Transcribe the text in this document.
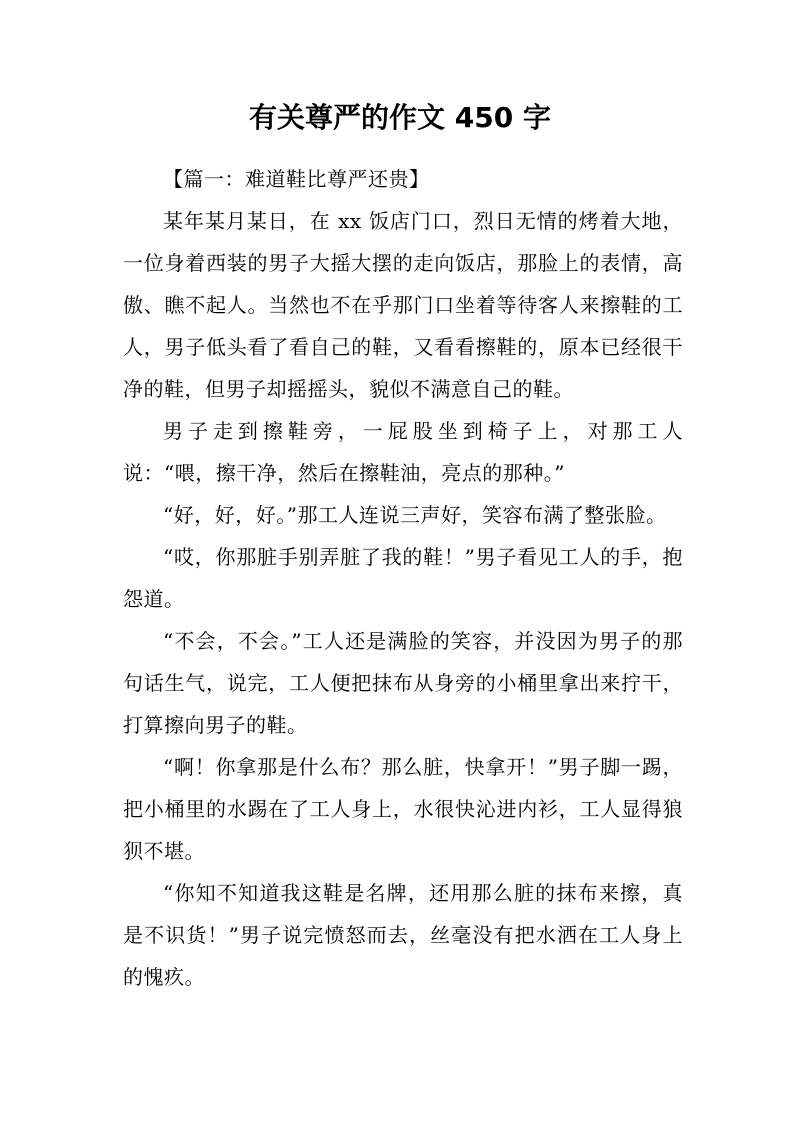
有关尊严的作文 450 字

【篇一：难道鞋比尊严还贵】

某年某月某日，在 xx 饭店门口，烈日无情的烤着大地，一位身着西装的男子大摇大摆的走向饭店，那脸上的表情，高傲、瞧不起人。当然也不在乎那门口坐着等待客人来擦鞋的工人，男子低头看了看自己的鞋，又看看擦鞋的，原本已经很干净的鞋，但男子却摇摇头，貌似不满意自己的鞋。

男子走到擦鞋旁，一屁股坐到椅子上，对那工人说：“喂，擦干净，然后在擦鞋油，亮点的那种。”

“好，好，好。”那工人连说三声好，笑容布满了整张脸。

“哎，你那脏手别弄脏了我的鞋！”男子看见工人的手，抱怨道。

“不会，不会。”工人还是满脸的笑容，并没因为男子的那句话生气，说完，工人便把抹布从身旁的小桶里拿出来拧干，打算擦向男子的鞋。

“啊！你拿那是什么布？那么脏，快拿开！”男子脚一踢，把小桶里的水踢在了工人身上，水很快沁进内衫，工人显得狼狈不堪。

“你知不知道我这鞋是名牌，还用那么脏的抹布来擦，真是不识货！”男子说完愤怒而去，丝毫没有把水洒在工人身上的愧疚。
